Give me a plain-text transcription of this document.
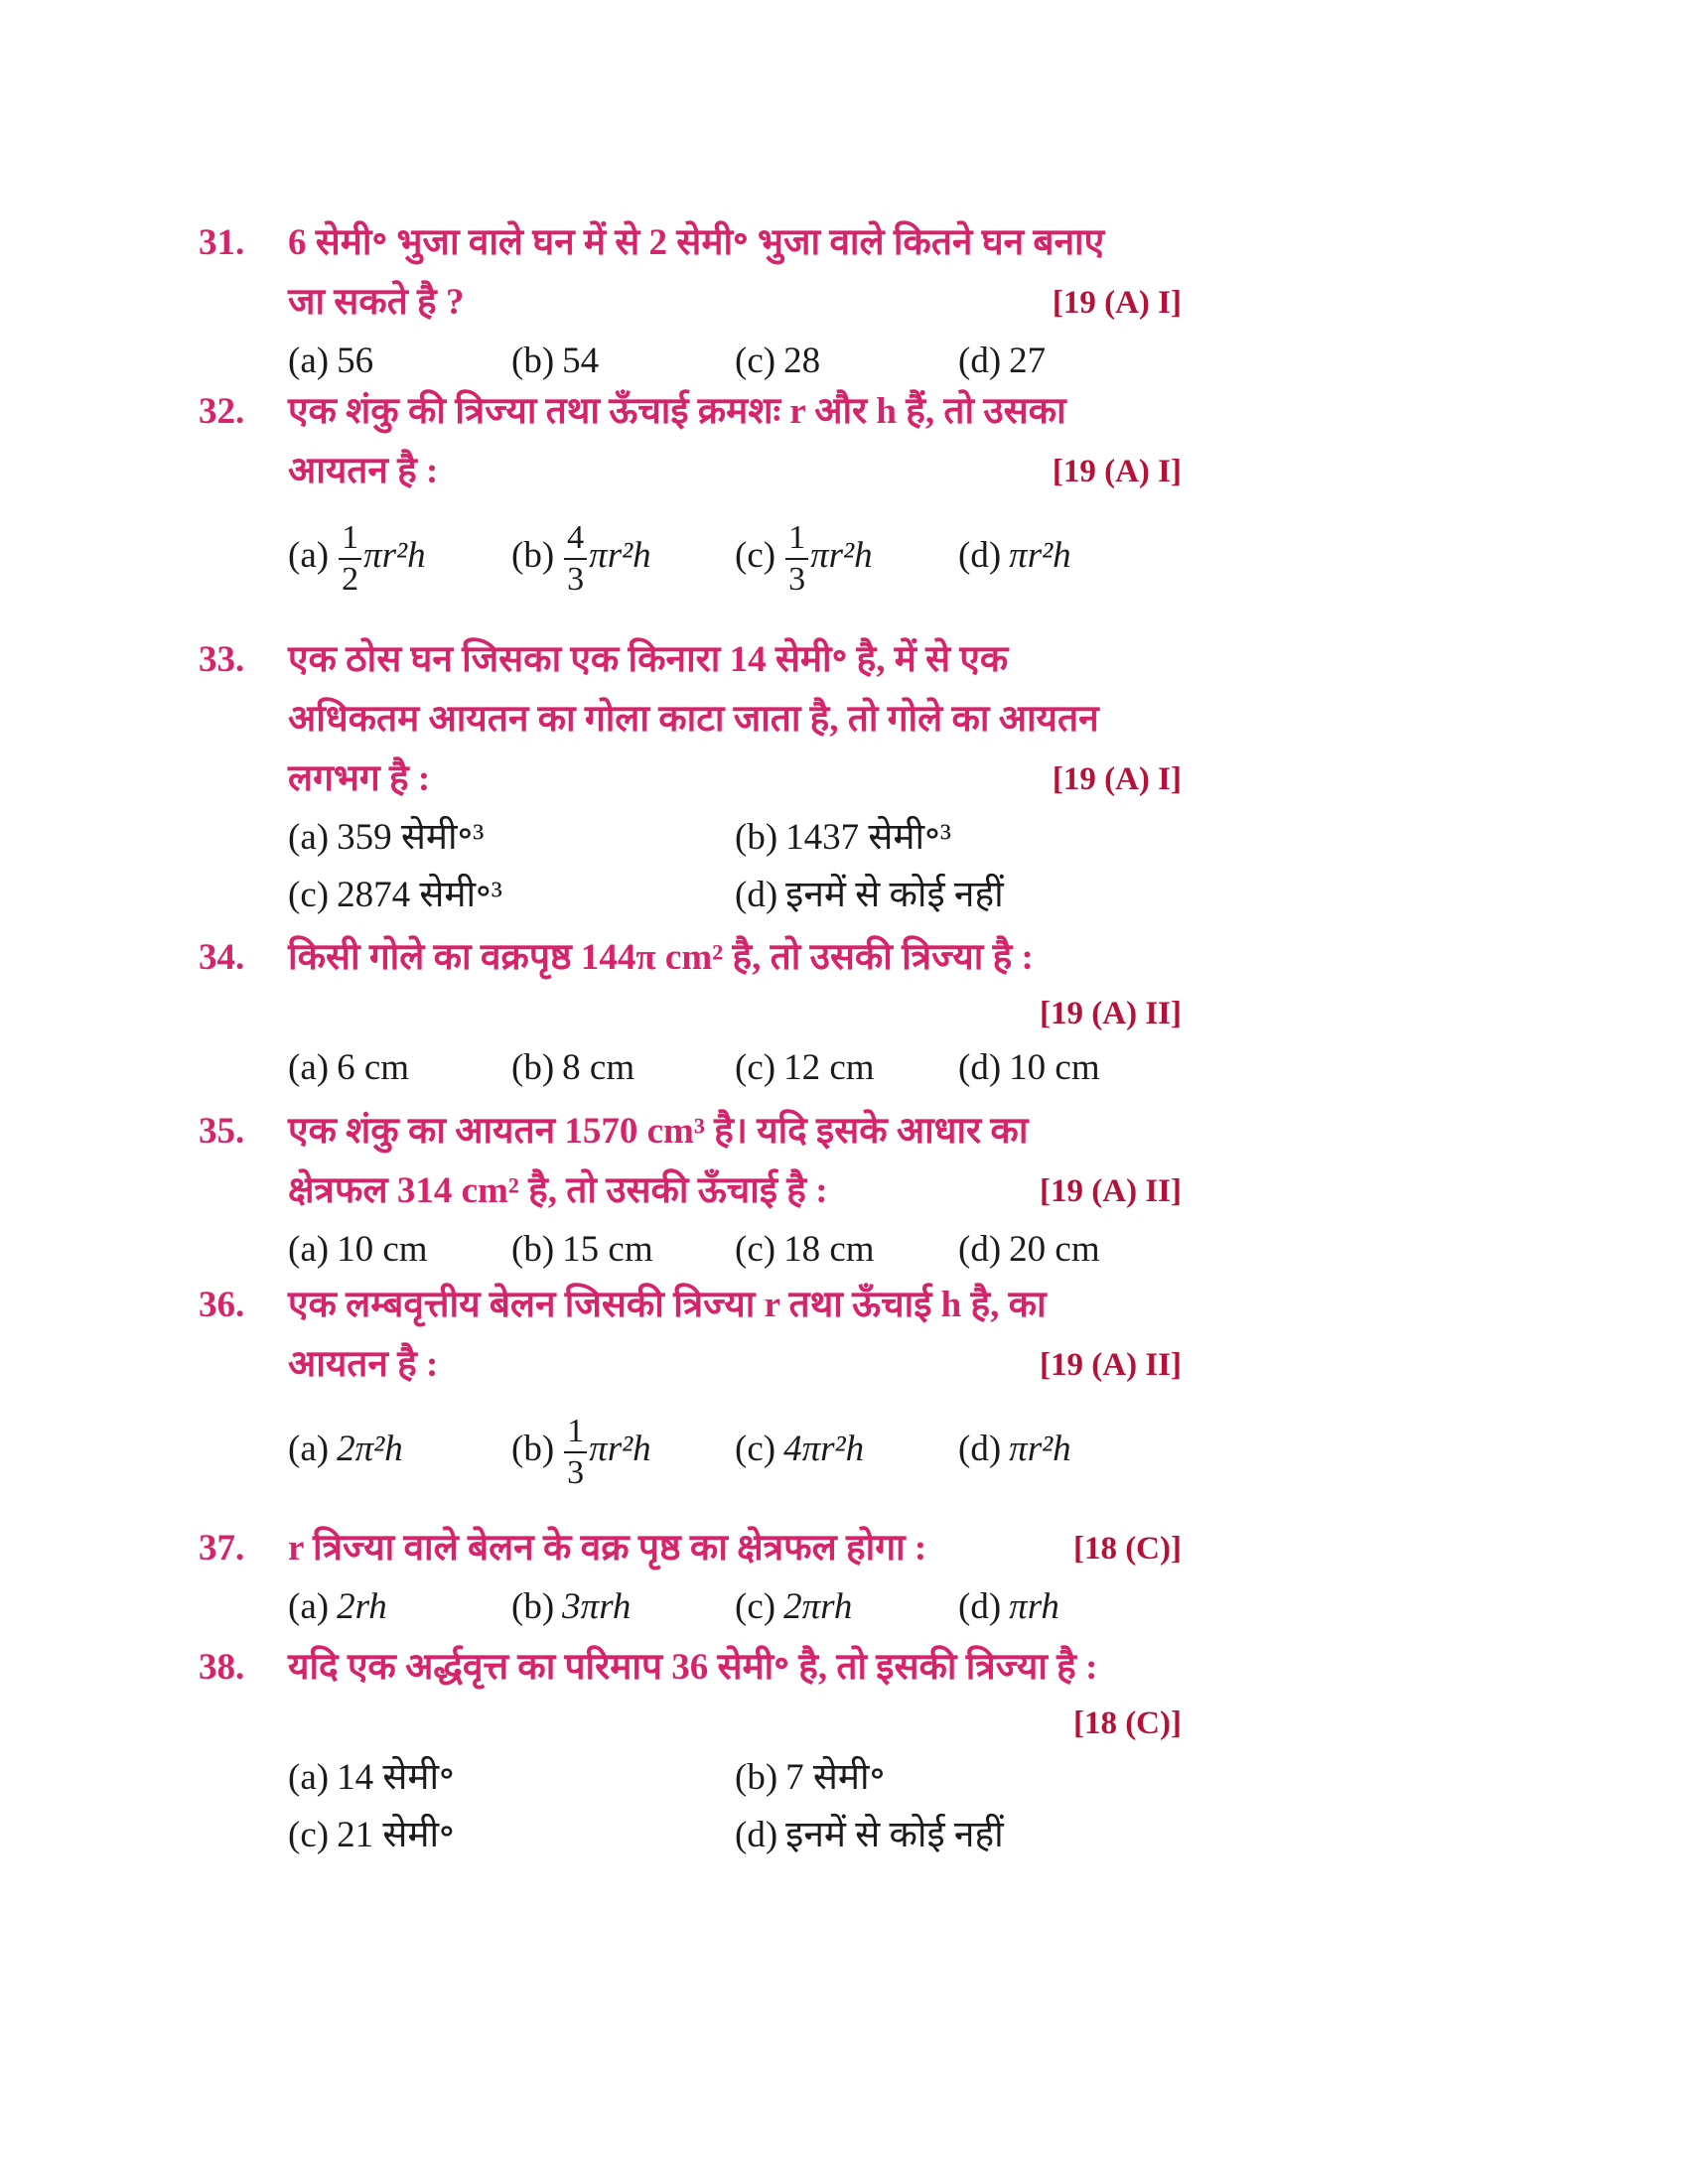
31. 6 सेमी॰ भुजा वाले घन में से 2 सेमी॰ भुजा वाले कितने घन बनाए
जा सकते है ?	[19 (A) I]
(a) 56	(b) 54	(c) 28	(d) 27
32. एक शंकु की त्रिज्या तथा ऊँचाई क्रमशः r और h हैं, तो उसका
आयतन है :	[19 (A) I]
$(a) \frac{1}{2} \pi r^2h$ $(b) \frac{4}{3} \pi r^2h$ $(c) \frac{1}{3} \pi r^2h$ (d) πr²h
33. एक ठोस घन जिसका एक किनारा 14 सेमी॰ है, में से एक
अधिकतम आयतन का गोला काटा जाता है, तो गोले का आयतन
लगभग है :	[19 (A) I]
(a) 359 सेमी॰³	(b) 1437 सेमी॰³
(c) 2874 सेमी॰³	(d) इनमें से कोई नहीं
34. किसी गोले का वक्रपृष्ठ 144π cm² है, तो उसकी त्रिज्या है :
[19 (A) II]
(a) 6 cm	(b) 8 cm	(c) 12 cm (d) 10 cm
35. एक शंकु का आयतन 1570 cm³ है। यदि इसके आधार का
क्षेत्रफल 314 cm² है, तो उसकी ऊँचाई है :	[19 (A) II]
(a) 10 cm (b) 15 cm (c) 18 cm (d) 20 cm
36. एक लम्बवृत्तीय बेलन जिसकी त्रिज्या r तथा ऊँचाई h है, का
आयतन है :	[19 (A) II]
(a) 2π²h	$(b) \frac{1}{3} \pi r^2h$ (c) 4πr²h	(d) πr²h
37. r त्रिज्या वाले बेलन के वक्र पृष्ठ का क्षेत्रफल होगा :	[18 (C)]
(a) 2rh	(b) 3πrh	(c) 2πrh	(d) πrh
38. यदि एक अर्द्धवृत्त का परिमाप 36 सेमी॰ है, तो इसकी त्रिज्या है :
[18 (C)]
(a) 14 सेमी॰	(b) 7 सेमी॰
(c) 21 सेमी॰	(d) इनमें से कोई नहीं
